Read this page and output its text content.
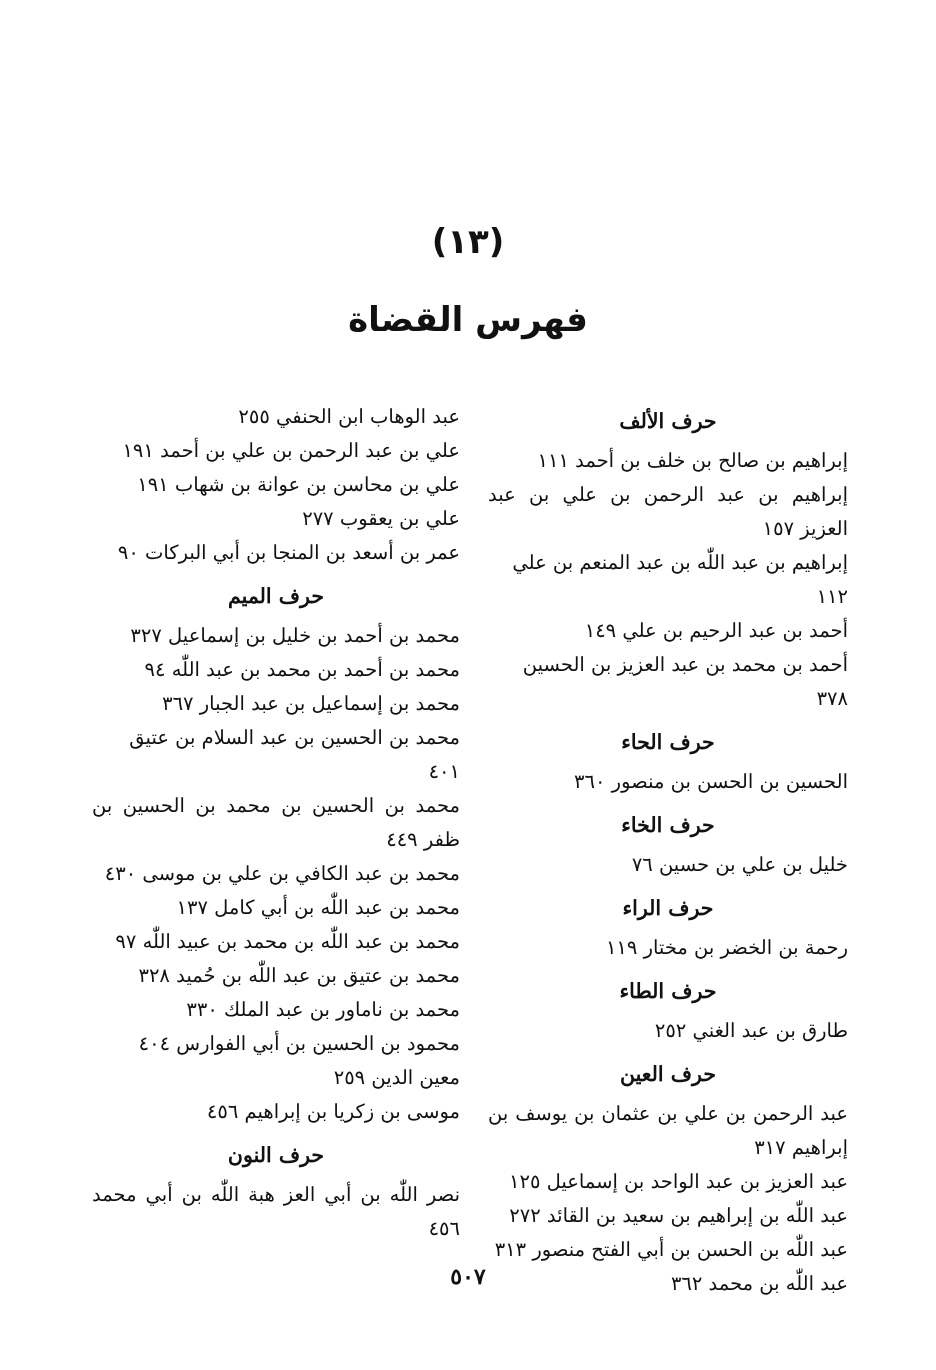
(١٣)
فهرس القضاة
حرف الألف
إبراهيم بن صالح بن خلف بن أحمد ١١١
إبراهيم بن عبد الرحمن بن علي بن عبد العزيز ١٥٧
إبراهيم بن عبد اللّٰه بن عبد المنعم بن علي ١١٢
أحمد بن عبد الرحيم بن علي ١٤٩
أحمد بن محمد بن عبد العزيز بن الحسين ٣٧٨
حرف الحاء
الحسين بن الحسن بن منصور ٣٦٠
حرف الخاء
خليل بن علي بن حسين ٧٦
حرف الراء
رحمة بن الخضر بن مختار ١١٩
حرف الطاء
طارق بن عبد الغني ٢٥٢
حرف العين
عبد الرحمن بن علي بن عثمان بن يوسف بن إبراهيم ٣١٧
عبد العزيز بن عبد الواحد بن إسماعيل ١٢٥
عبد اللّٰه بن إبراهيم بن سعيد بن القائد ٢٧٢
عبد اللّٰه بن الحسن بن أبي الفتح منصور ٣١٣
عبد اللّٰه بن محمد ٣٦٢
عبد الوهاب ابن الحنفي ٢٥٥
علي بن عبد الرحمن بن علي بن أحمد ١٩١
علي بن محاسن بن عوانة بن شهاب ١٩١
علي بن يعقوب ٢٧٧
عمر بن أسعد بن المنجا بن أبي البركات ٩٠
حرف الميم
محمد بن أحمد بن خليل بن إسماعيل ٣٢٧
محمد بن أحمد بن محمد بن عبد اللّٰه ٩٤
محمد بن إسماعيل بن عبد الجبار ٣٦٧
محمد بن الحسين بن عبد السلام بن عتيق ٤٠١
محمد بن الحسين بن محمد بن الحسين بن ظفر ٤٤٩
محمد بن عبد الكافي بن علي بن موسى ٤٣٠
محمد بن عبد اللّٰه بن أبي كامل ١٣٧
محمد بن عبد اللّٰه بن محمد بن عبيد اللّٰه ٩٧
محمد بن عتيق بن عبد اللّٰه بن حُميد ٣٢٨
محمد بن ناماور بن عبد الملك ٣٣٠
محمود بن الحسين بن أبي الفوارس ٤٠٤
معين الدين ٢٥٩
موسى بن زكريا بن إبراهيم ٤٥٦
حرف النون
نصر اللّٰه بن أبي العز هبة اللّٰه بن أبي محمد ٤٥٦
٥٠٧
